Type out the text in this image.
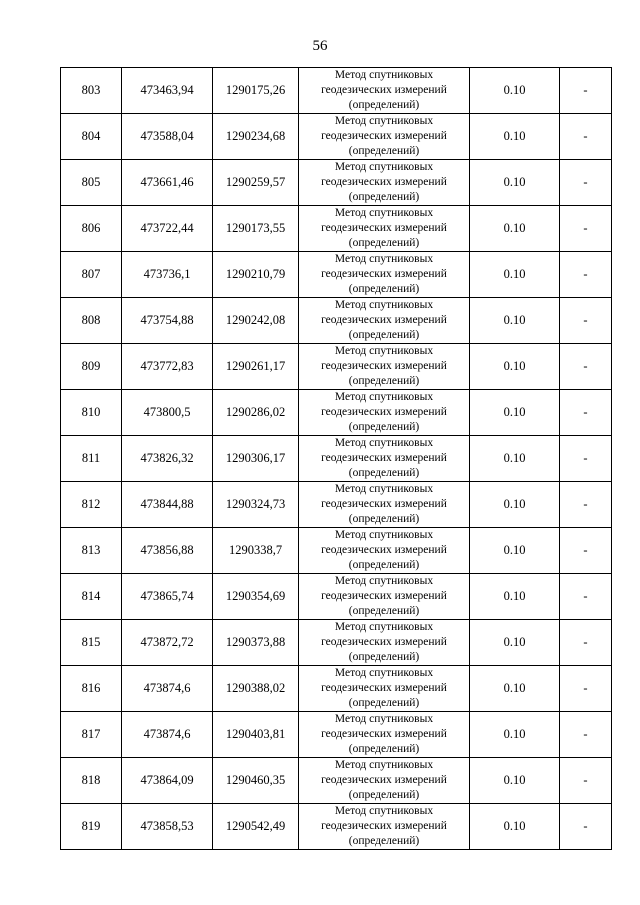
56
803	473463,94	1290175,26	Метод спутниковых
геодезических измерений
(определений)	0.10	-
804	473588,04	1290234,68	Метод спутниковых
геодезических измерений
(определений)	0.10	-
805	473661,46	1290259,57	Метод спутниковых
геодезических измерений
(определений)	0.10	-
806	473722,44	1290173,55	Метод спутниковых
геодезических измерений
(определений)	0.10	-
807	473736,1	1290210,79	Метод спутниковых
геодезических измерений
(определений)	0.10	-
808	473754,88	1290242,08	Метод спутниковых
геодезических измерений
(определений)	0.10	-
809	473772,83	1290261,17	Метод спутниковых
геодезических измерений
(определений)	0.10	-
810	473800,5	1290286,02	Метод спутниковых
геодезических измерений
(определений)	0.10	-
811	473826,32	1290306,17	Метод спутниковых
геодезических измерений
(определений)	0.10	-
812	473844,88	1290324,73	Метод спутниковых
геодезических измерений
(определений)	0.10	-
813	473856,88	1290338,7	Метод спутниковых
геодезических измерений
(определений)	0.10	-
814	473865,74	1290354,69	Метод спутниковых
геодезических измерений
(определений)	0.10	-
815	473872,72	1290373,88	Метод спутниковых
геодезических измерений
(определений)	0.10	-
816	473874,6	1290388,02	Метод спутниковых
геодезических измерений
(определений)	0.10	-
817	473874,6	1290403,81	Метод спутниковых
геодезических измерений
(определений)	0.10	-
818	473864,09	1290460,35	Метод спутниковых
геодезических измерений
(определений)	0.10	-
819	473858,53	1290542,49	Метод спутниковых
геодезических измерений
(определений)	0.10	-
